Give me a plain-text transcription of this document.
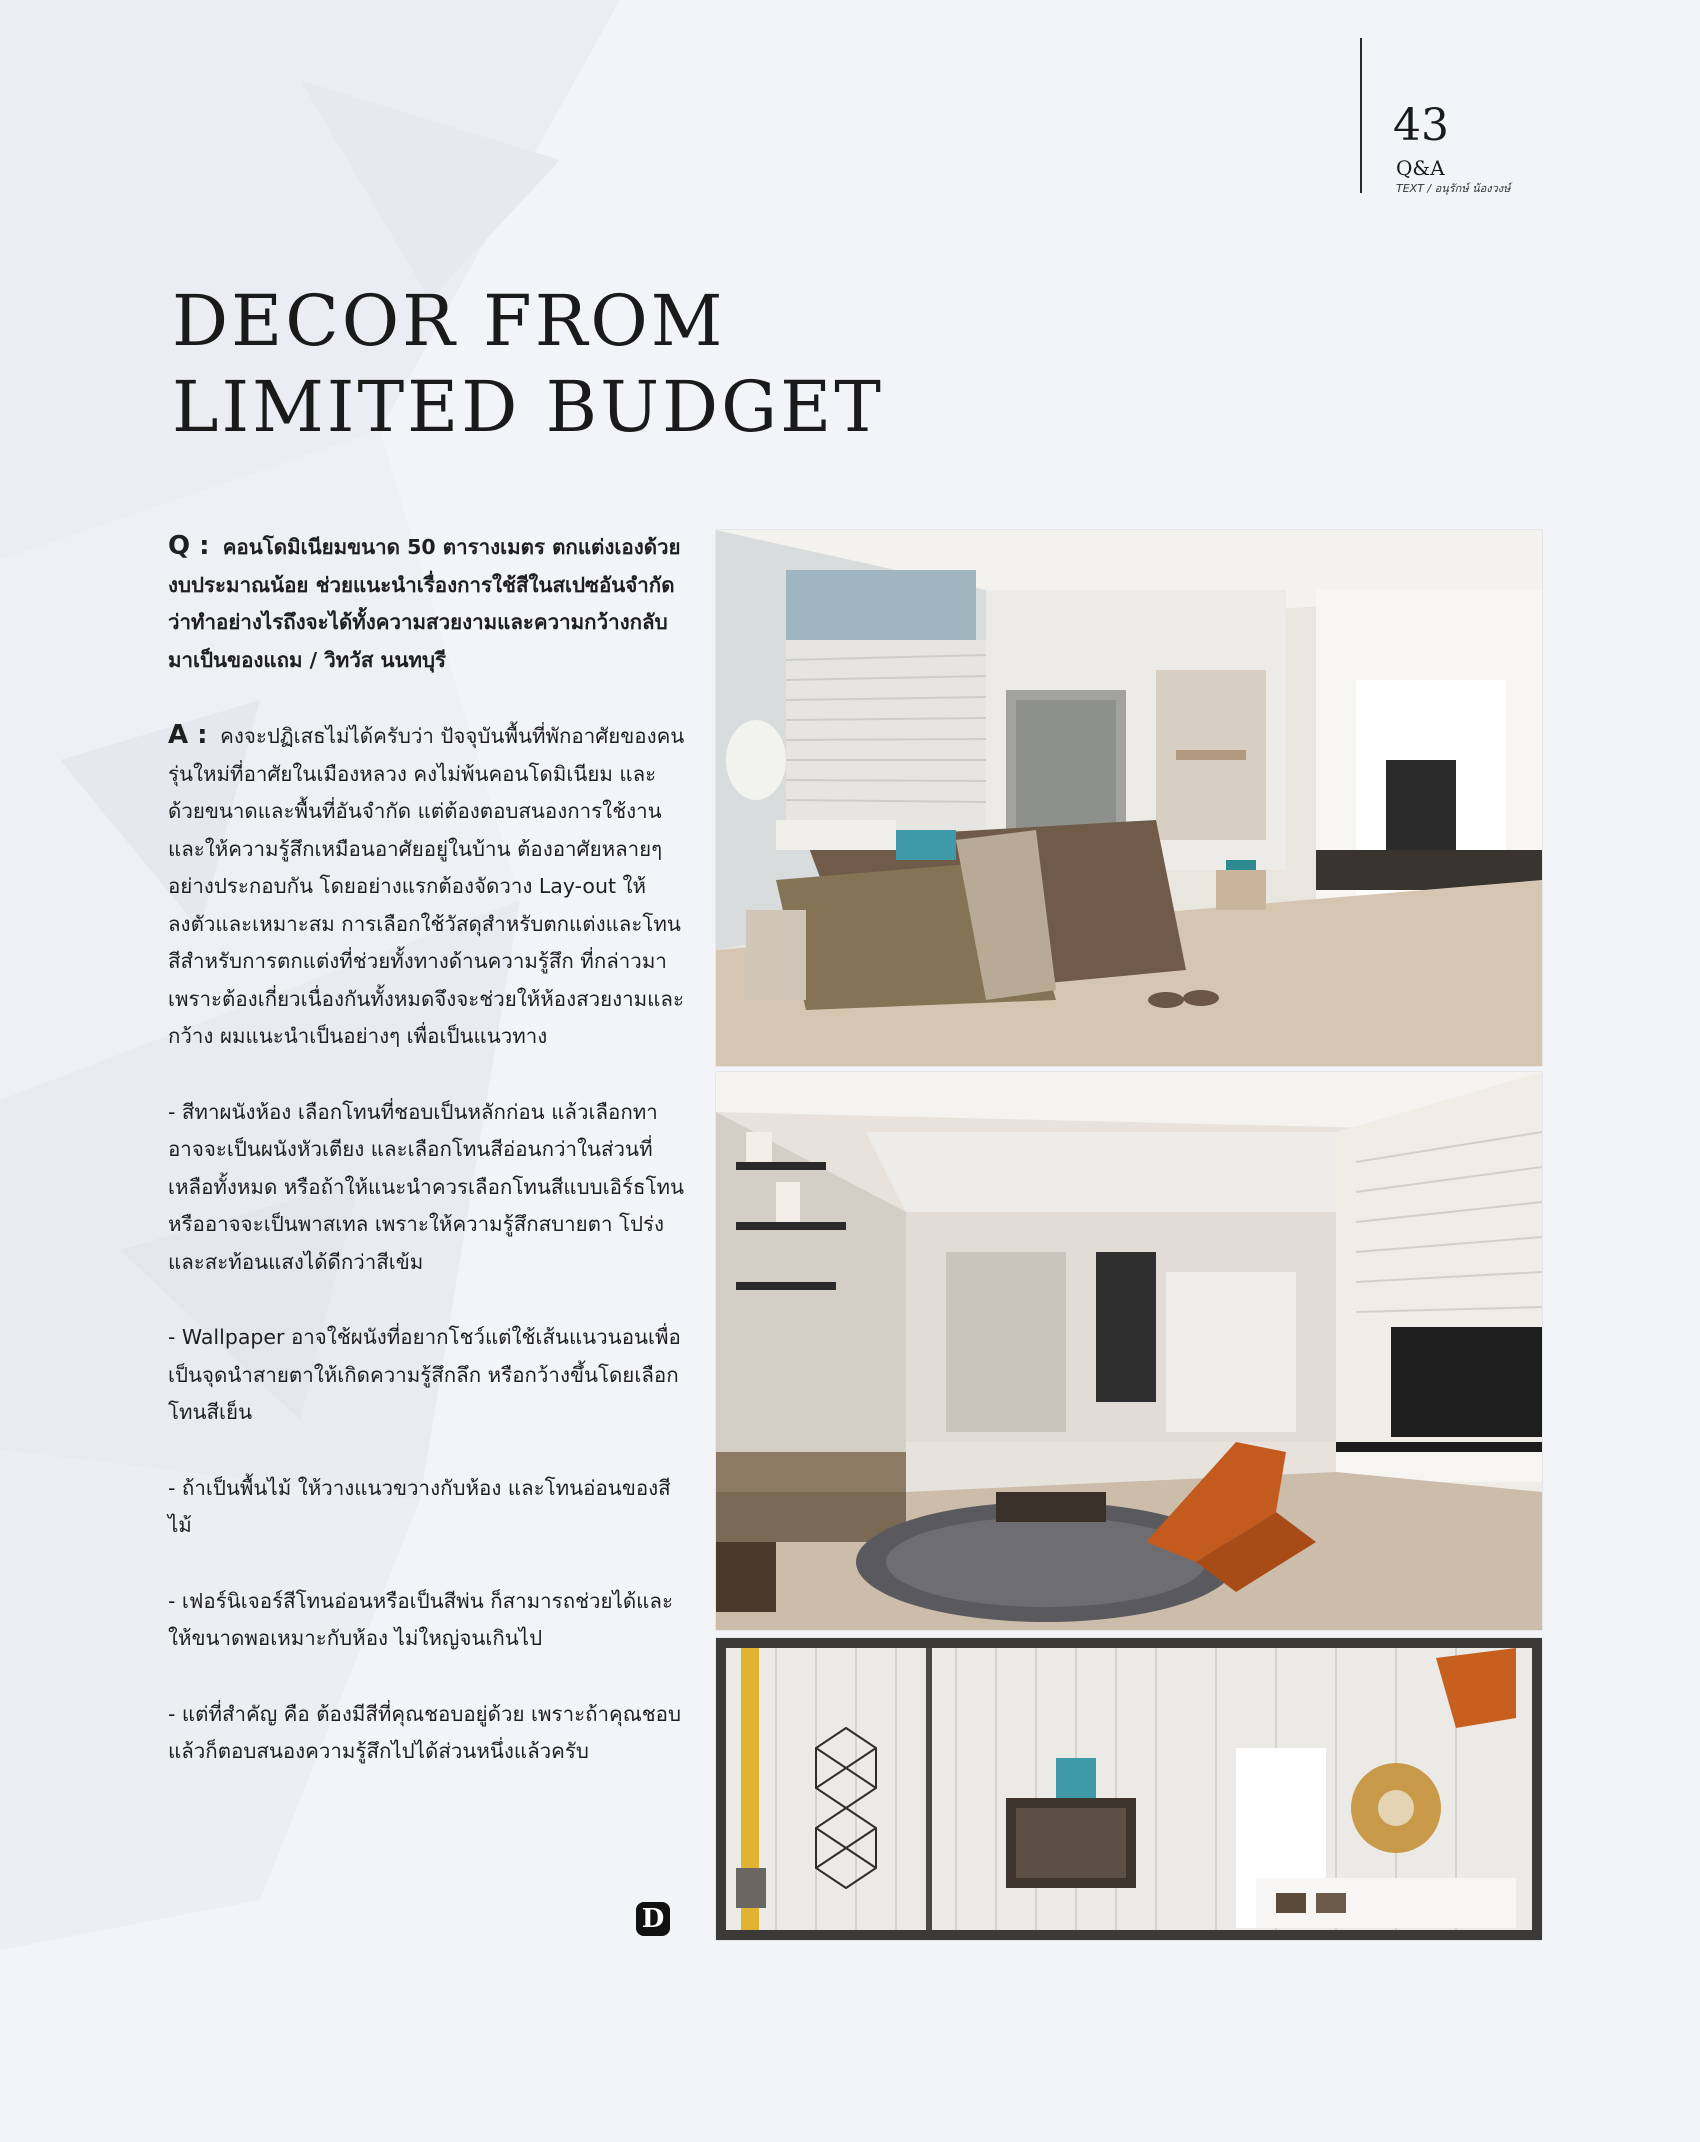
43
Q&A
TEXT / อนุรักษ์ น้องวงษ์
DECOR FROM
LIMITED BUDGET

Q : คอนโดมิเนียมขนาด 50 ตารางเมตร ตกแต่งเองด้วยงบประมาณน้อย ช่วยแนะนำเรื่องการใช้สีในสเปซอันจำกัด ว่าทำอย่างไรถึงจะได้ทั้งความสวยงามและความกว้างกลับมาเป็นของแถม / วิทวัส นนทบุรี

A : คงจะปฏิเสธไม่ได้ครับว่า ปัจจุบันพื้นที่พักอาศัยของคนรุ่นใหม่ที่อาศัยในเมืองหลวง คงไม่พ้นคอนโดมิเนียม และด้วยขนาดและพื้นที่อันจำกัด แต่ต้องตอบสนองการใช้งานและให้ความรู้สึกเหมือนอาศัยอยู่ในบ้าน ต้องอาศัยหลายๆ อย่างประกอบกัน โดยอย่างแรกต้องจัดวาง Lay-out ให้ลงตัวและเหมาะสม การเลือกใช้วัสดุสำหรับตกแต่งและโทนสีสำหรับการตกแต่งที่ช่วยทั้งทางด้านความรู้สึก ที่กล่าวมาเพราะต้องเกี่ยวเนื่องกันทั้งหมดจึงจะช่วยให้ห้องสวยงามและกว้าง ผมแนะนำเป็นอย่างๆ เพื่อเป็นแนวทาง

- สีทาผนังห้อง เลือกโทนที่ชอบเป็นหลักก่อน แล้วเลือกทา อาจจะเป็นผนังหัวเตียง และเลือกโทนสีอ่อนกว่าในส่วนที่เหลือทั้งหมด หรือถ้าให้แนะนำควรเลือกโทนสีแบบเอิร์ธโทนหรืออาจจะเป็นพาสเทล เพราะให้ความรู้สึกสบายตา โปร่ง และสะท้อนแสงได้ดีกว่าสีเข้ม

- Wallpaper อาจใช้ผนังที่อยากโชว์แต่ใช้เส้นแนวนอนเพื่อเป็นจุดนำสายตาให้เกิดความรู้สึกลึก หรือกว้างขึ้นโดยเลือกโทนสีเย็น

- ถ้าเป็นพื้นไม้ ให้วางแนวขวางกับห้อง และโทนอ่อนของสีไม้

- เฟอร์นิเจอร์สีโทนอ่อนหรือเป็นสีพ่น ก็สามารถช่วยได้และให้ขนาดพอเหมาะกับห้อง ไม่ใหญ่จนเกินไป

- แต่ที่สำคัญ คือ ต้องมีสีที่คุณชอบอยู่ด้วย เพราะถ้าคุณชอบแล้วก็ตอบสนองความรู้สึกไปได้ส่วนหนึ่งแล้วครับ

D
